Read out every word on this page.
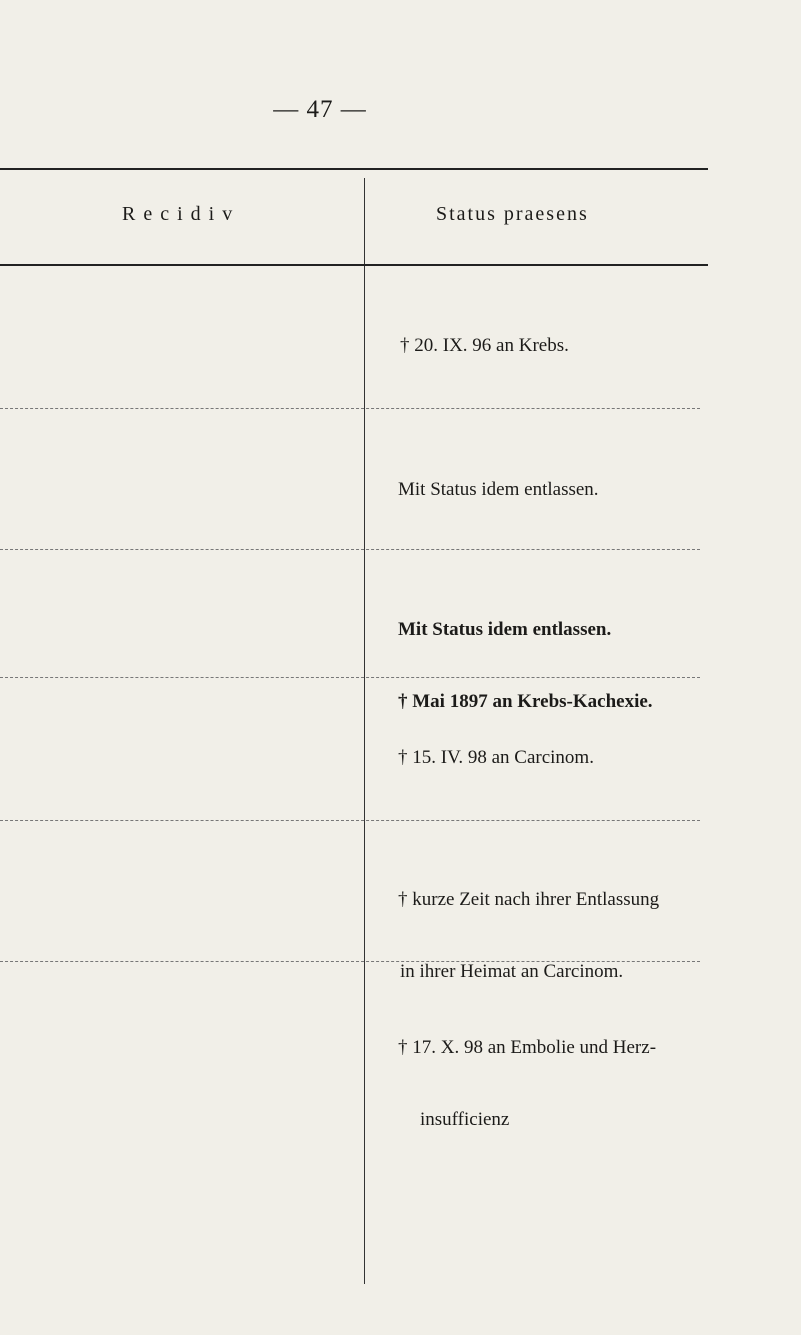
— 47 —
Recidiv	Status praesens

† 20. IX. 96 an Krebs.

Mit Status idem entlassen.

Mit Status idem entlassen.

† Mai 1897 an Krebs-Kachexie.

† 15. IV. 98 an Carcinom.

† kurze Zeit nach ihrer Entlassung

in ihrer Heimat an Carcinom.

† 17. X. 98 an Embolie und Herz-

insufficienz
